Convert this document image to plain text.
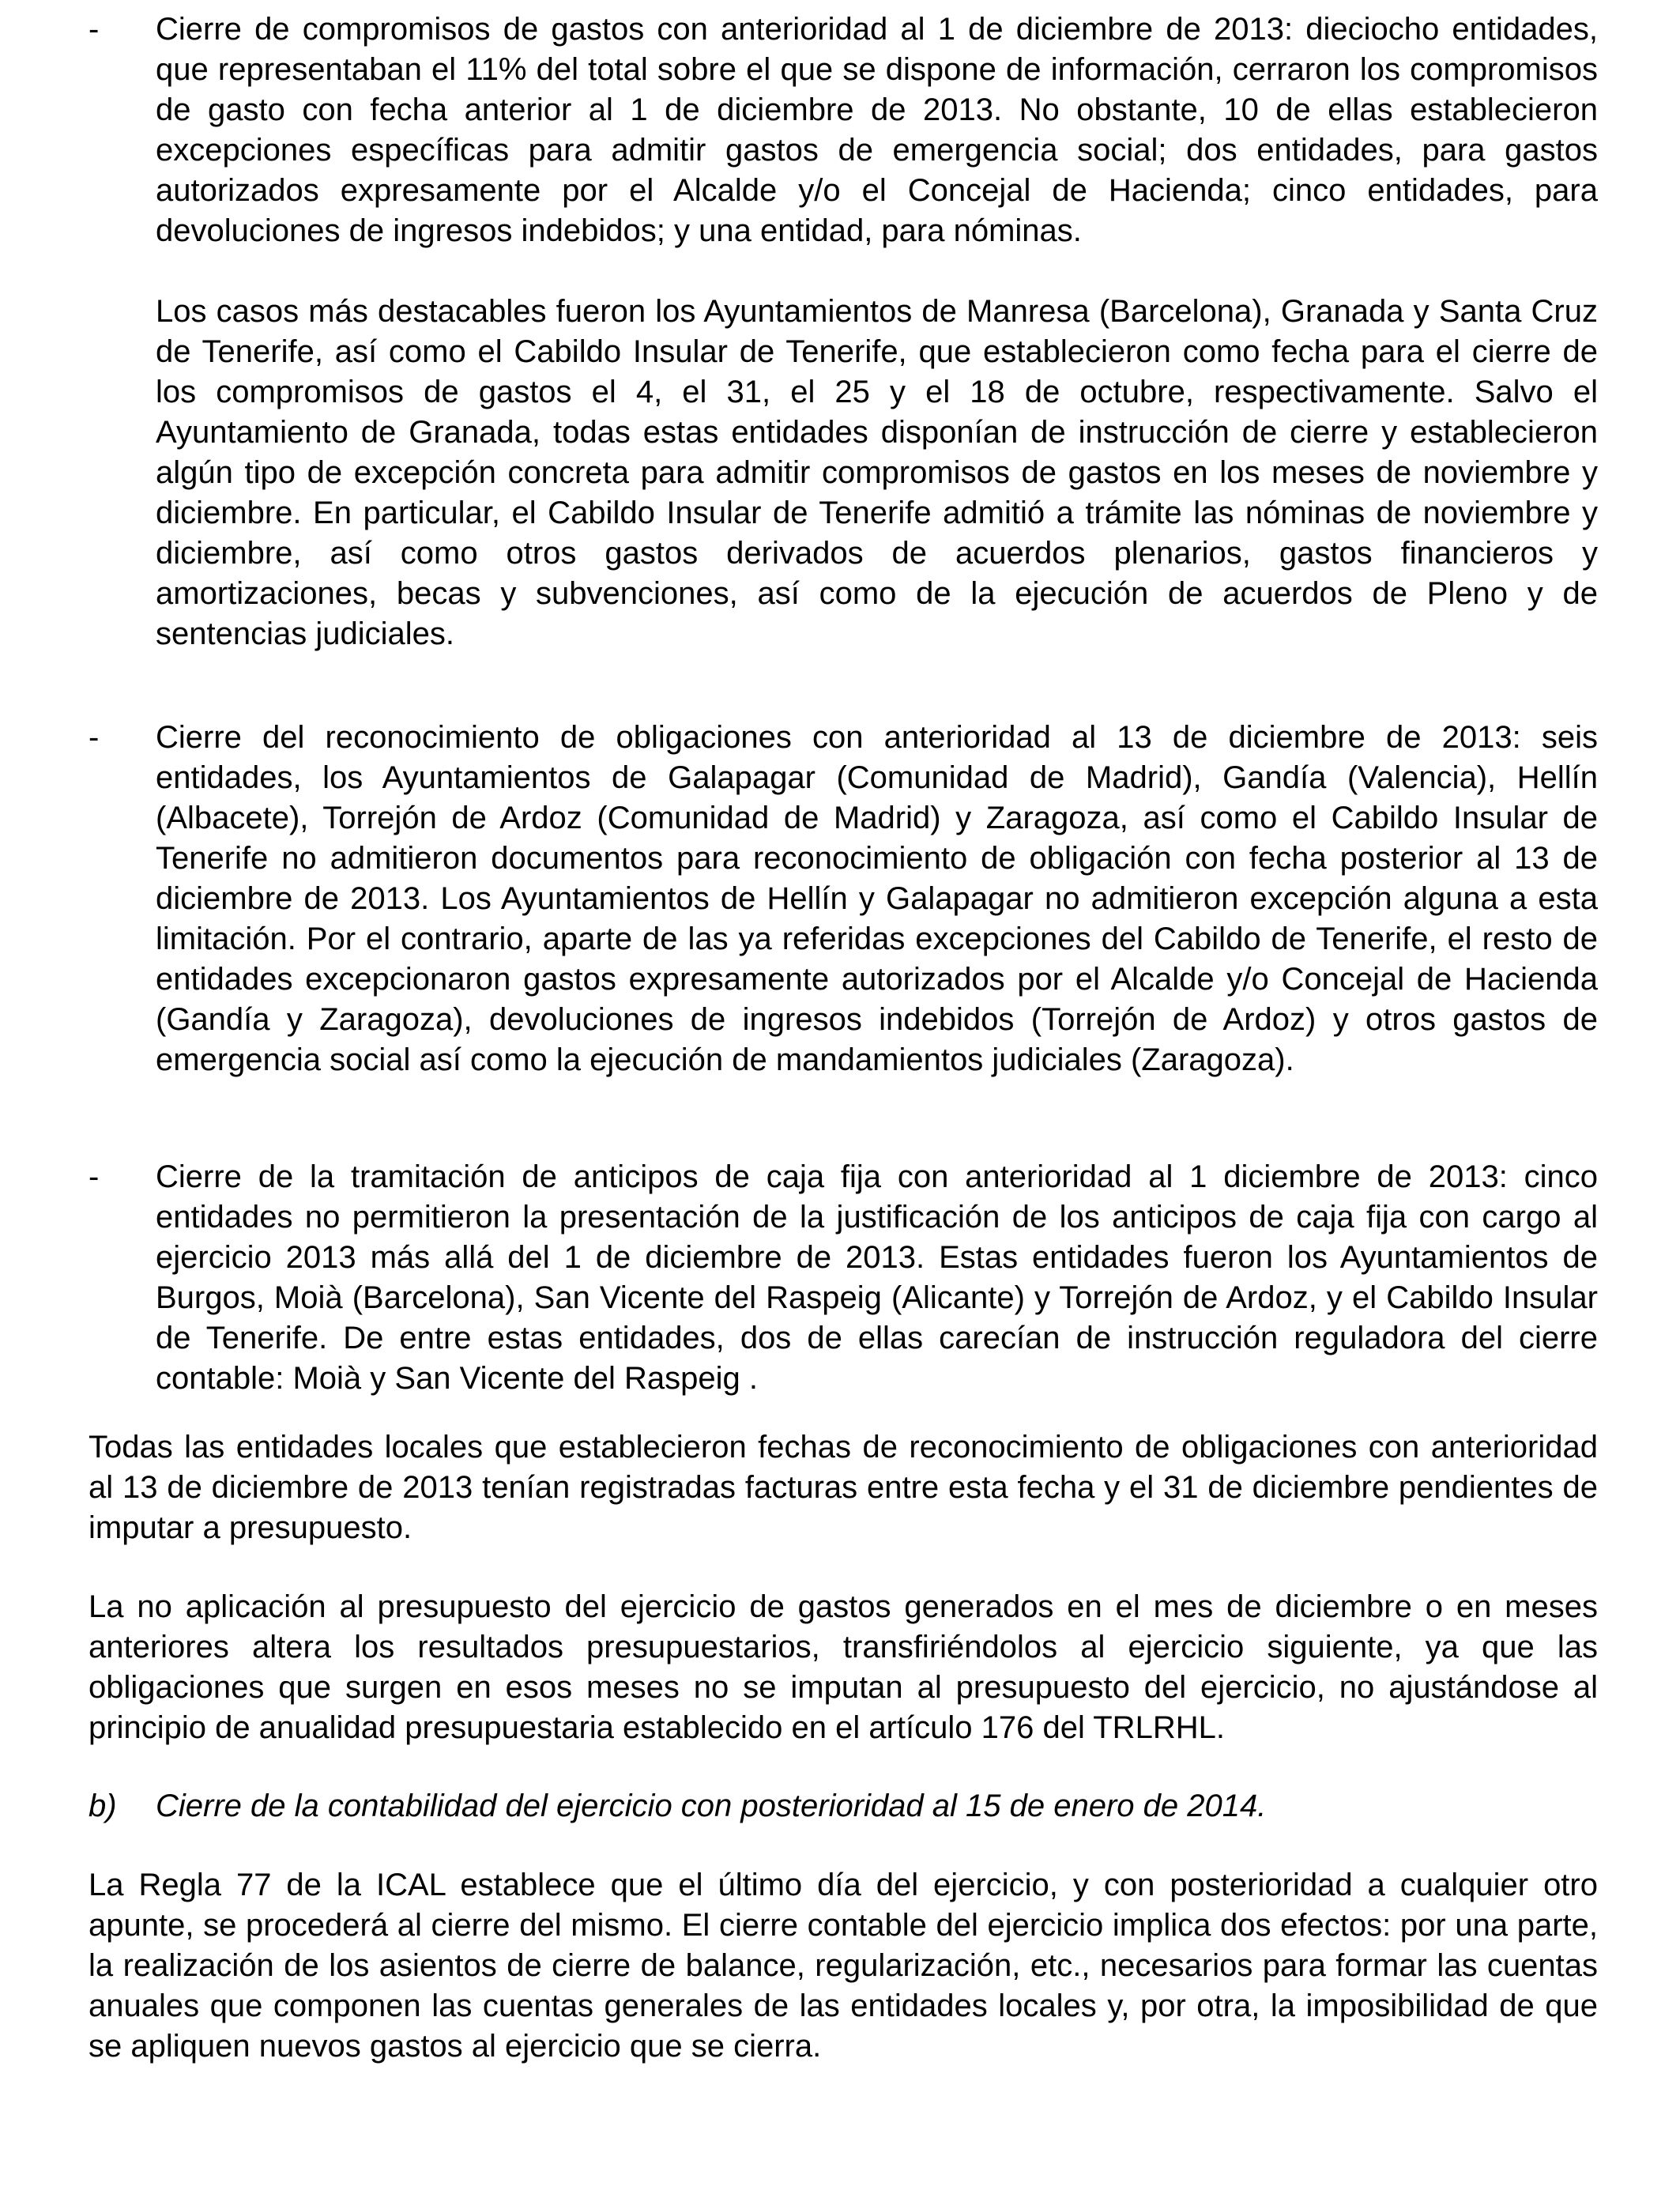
- Cierre de compromisos de gastos con anterioridad al 1 de diciembre de 2013: dieciocho entidades, que representaban el 11% del total sobre el que se dispone de información, cerraron los compromisos de gasto con fecha anterior al 1 de diciembre de 2013. No obstante, 10 de ellas establecieron excepciones específicas para admitir gastos de emergencia social; dos entidades, para gastos autorizados expresamente por el Alcalde y/o el Concejal de Hacienda; cinco entidades, para devoluciones de ingresos indebidos; y una entidad, para nóminas.

Los casos más destacables fueron los Ayuntamientos de Manresa (Barcelona), Granada y Santa Cruz de Tenerife, así como el Cabildo Insular de Tenerife, que establecieron como fecha para el cierre de los compromisos de gastos el 4, el 31, el 25 y el 18 de octubre, respectivamente. Salvo el Ayuntamiento de Granada, todas estas entidades disponían de instrucción de cierre y establecieron algún tipo de excepción concreta para admitir compromisos de gastos en los meses de noviembre y diciembre. En particular, el Cabildo Insular de Tenerife admitió a trámite las nóminas de noviembre y diciembre, así como otros gastos derivados de acuerdos plenarios, gastos financieros y amortizaciones, becas y subvenciones, así como de la ejecución de acuerdos de Pleno y de sentencias judiciales.

- Cierre del reconocimiento de obligaciones con anterioridad al 13 de diciembre de 2013: seis entidades, los Ayuntamientos de Galapagar (Comunidad de Madrid), Gandía (Valencia), Hellín (Albacete), Torrejón de Ardoz (Comunidad de Madrid) y Zaragoza, así como el Cabildo Insular de Tenerife no admitieron documentos para reconocimiento de obligación con fecha posterior al 13 de diciembre de 2013. Los Ayuntamientos de Hellín y Galapagar no admitieron excepción alguna a esta limitación. Por el contrario, aparte de las ya referidas excepciones del Cabildo de Tenerife, el resto de entidades excepcionaron gastos expresamente autorizados por el Alcalde y/o Concejal de Hacienda (Gandía y Zaragoza), devoluciones de ingresos indebidos (Torrejón de Ardoz) y otros gastos de emergencia social así como la ejecución de mandamientos judiciales (Zaragoza).

- Cierre de la tramitación de anticipos de caja fija con anterioridad al 1 diciembre de 2013: cinco entidades no permitieron la presentación de la justificación de los anticipos de caja fija con cargo al ejercicio 2013 más allá del 1 de diciembre de 2013. Estas entidades fueron los Ayuntamientos de Burgos, Moià (Barcelona), San Vicente del Raspeig (Alicante) y Torrejón de Ardoz, y el Cabildo Insular de Tenerife. De entre estas entidades, dos de ellas carecían de instrucción reguladora del cierre contable: Moià y San Vicente del Raspeig .

Todas las entidades locales que establecieron fechas de reconocimiento de obligaciones con anterioridad al 13 de diciembre de 2013 tenían registradas facturas entre esta fecha y el 31 de diciembre pendientes de imputar a presupuesto.

La no aplicación al presupuesto del ejercicio de gastos generados en el mes de diciembre o en meses anteriores altera los resultados presupuestarios, transfiriéndolos al ejercicio siguiente, ya que las obligaciones que surgen en esos meses no se imputan al presupuesto del ejercicio, no ajustándose al principio de anualidad presupuestaria establecido en el artículo 176 del TRLRHL.

b) Cierre de la contabilidad del ejercicio con posterioridad al 15 de enero de 2014.

La Regla 77 de la ICAL establece que el último día del ejercicio, y con posterioridad a cualquier otro apunte, se procederá al cierre del mismo. El cierre contable del ejercicio implica dos efectos: por una parte, la realización de los asientos de cierre de balance, regularización, etc., necesarios para formar las cuentas anuales que componen las cuentas generales de las entidades locales y, por otra, la imposibilidad de que se apliquen nuevos gastos al ejercicio que se cierra.
